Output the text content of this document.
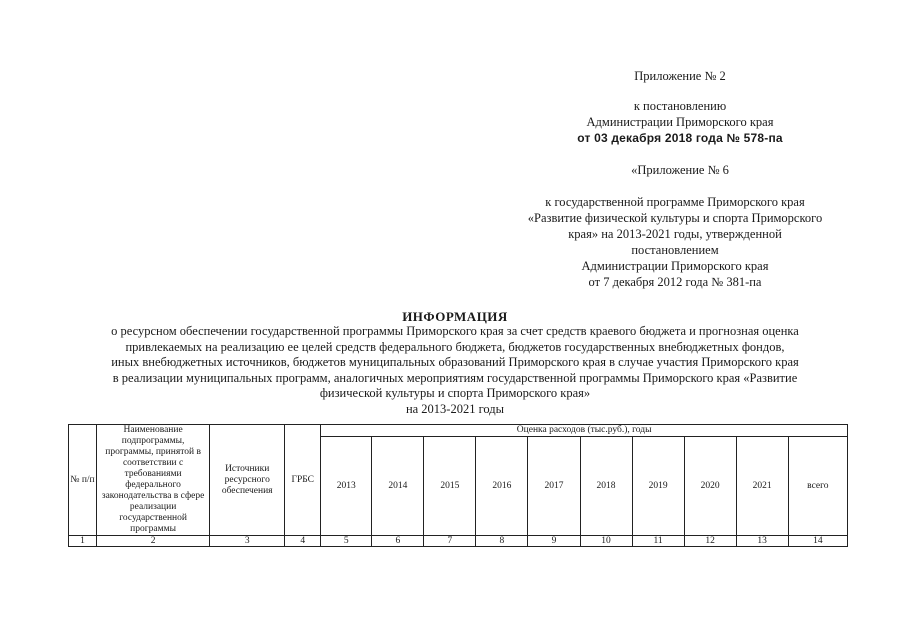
Приложение № 2
к постановлению
Администрации Приморского края
от 03 декабря 2018 года № 578-па
«Приложение № 6
к государственной программе Приморского края
«Развитие физической культуры и спорта Приморского
края» на 2013-2021 годы, утвержденной
постановлением
Администрации Приморского края
от 7 декабря 2012 года № 381-па
ИНФОРМАЦИЯ
о ресурсном обеспечении государственной программы Приморского края за счет средств краевого бюджета и прогнозная оценка
привлекаемых на реализацию ее целей средств федерального бюджета, бюджетов государственных внебюджетных фондов,
иных внебюджетных источников, бюджетов муниципальных образований Приморского края в случае участия Приморского края
в реализации муниципальных программ, аналогичных мероприятиям государственной программы Приморского края «Развитие
физической культуры и спорта Приморского края»
на 2013-2021 годы
№ п/п	Наименование подпрограммы, программы, принятой в соответствии с требованиями федерального законодательства в сфере реализации государственной программы	Источники ресурсного обеспечения	ГРБС	Оценка расходов (тыс.руб.), годы									
				2013	2014	2015	2016	2017	2018	2019	2020	2021	всего
1	2	3	4	5	6	7	8	9	10	11	12	13	14
